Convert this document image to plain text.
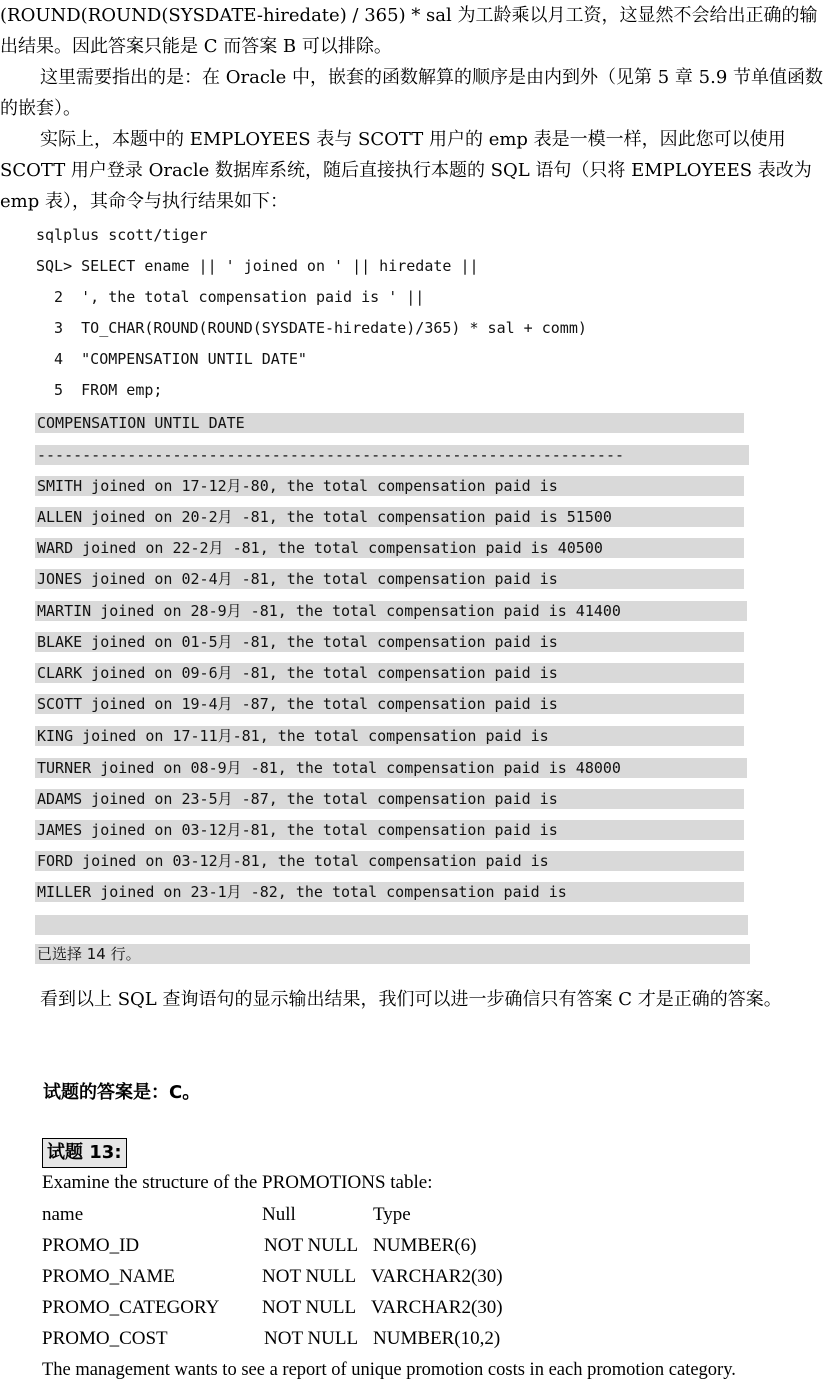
(ROUND(ROUND(SYSDATE-hiredate) / 365) * sal 为工龄乘以月工资，这显然不会给出正确的输出结果。因此答案只能是 C 而答案 B 可以排除。

这里需要指出的是：在 Oracle 中，嵌套的函数解算的顺序是由内到外（见第 5 章 5.9 节单值函数的嵌套）。

实际上，本题中的 EMPLOYEES 表与 SCOTT 用户的 emp 表是一模一样，因此您可以使用 SCOTT 用户登录 Oracle 数据库系统，随后直接执行本题的 SQL 语句（只将 EMPLOYEES 表改为 emp 表），其命令与执行结果如下：

sqlplus scott/tiger
SQL> SELECT ename || ' joined on ' || hiredate ||
2  ', the total compensation paid is ' ||
3  TO_CHAR(ROUND(ROUND(SYSDATE-hiredate)/365) * sal + comm)
4  "COMPENSATION UNTIL DATE"
5  FROM emp;
COMPENSATION UNTIL DATE
-----------------------------------------------------------------
SMITH joined on 17-12月-80, the total compensation paid is
ALLEN joined on 20-2月 -81, the total compensation paid is 51500
WARD joined on 22-2月 -81, the total compensation paid is 40500
JONES joined on 02-4月 -81, the total compensation paid is
MARTIN joined on 28-9月 -81, the total compensation paid is 41400
BLAKE joined on 01-5月 -81, the total compensation paid is
CLARK joined on 09-6月 -81, the total compensation paid is
SCOTT joined on 19-4月 -87, the total compensation paid is
KING joined on 17-11月-81, the total compensation paid is
TURNER joined on 08-9月 -81, the total compensation paid is 48000
ADAMS joined on 23-5月 -87, the total compensation paid is
JAMES joined on 03-12月-81, the total compensation paid is
FORD joined on 03-12月-81, the total compensation paid is
MILLER joined on 23-1月 -82, the total compensation paid is
已选择 14 行。

看到以上 SQL 查询语句的显示输出结果，我们可以进一步确信只有答案 C 才是正确的答案。

试题的答案是：C。
试题 13:
Examine the structure of the PROMOTIONS table:
name	Null	Type
PROMO_ID	NOT NULL NUMBER(6)
PROMO_NAME	NOT NULL VARCHAR2(30)
PROMO_CATEGORY NOT NULL VARCHAR2(30)
PROMO_COST	NOT NULL NUMBER(10,2)
The management wants to see a report of unique promotion costs in each promotion category.
